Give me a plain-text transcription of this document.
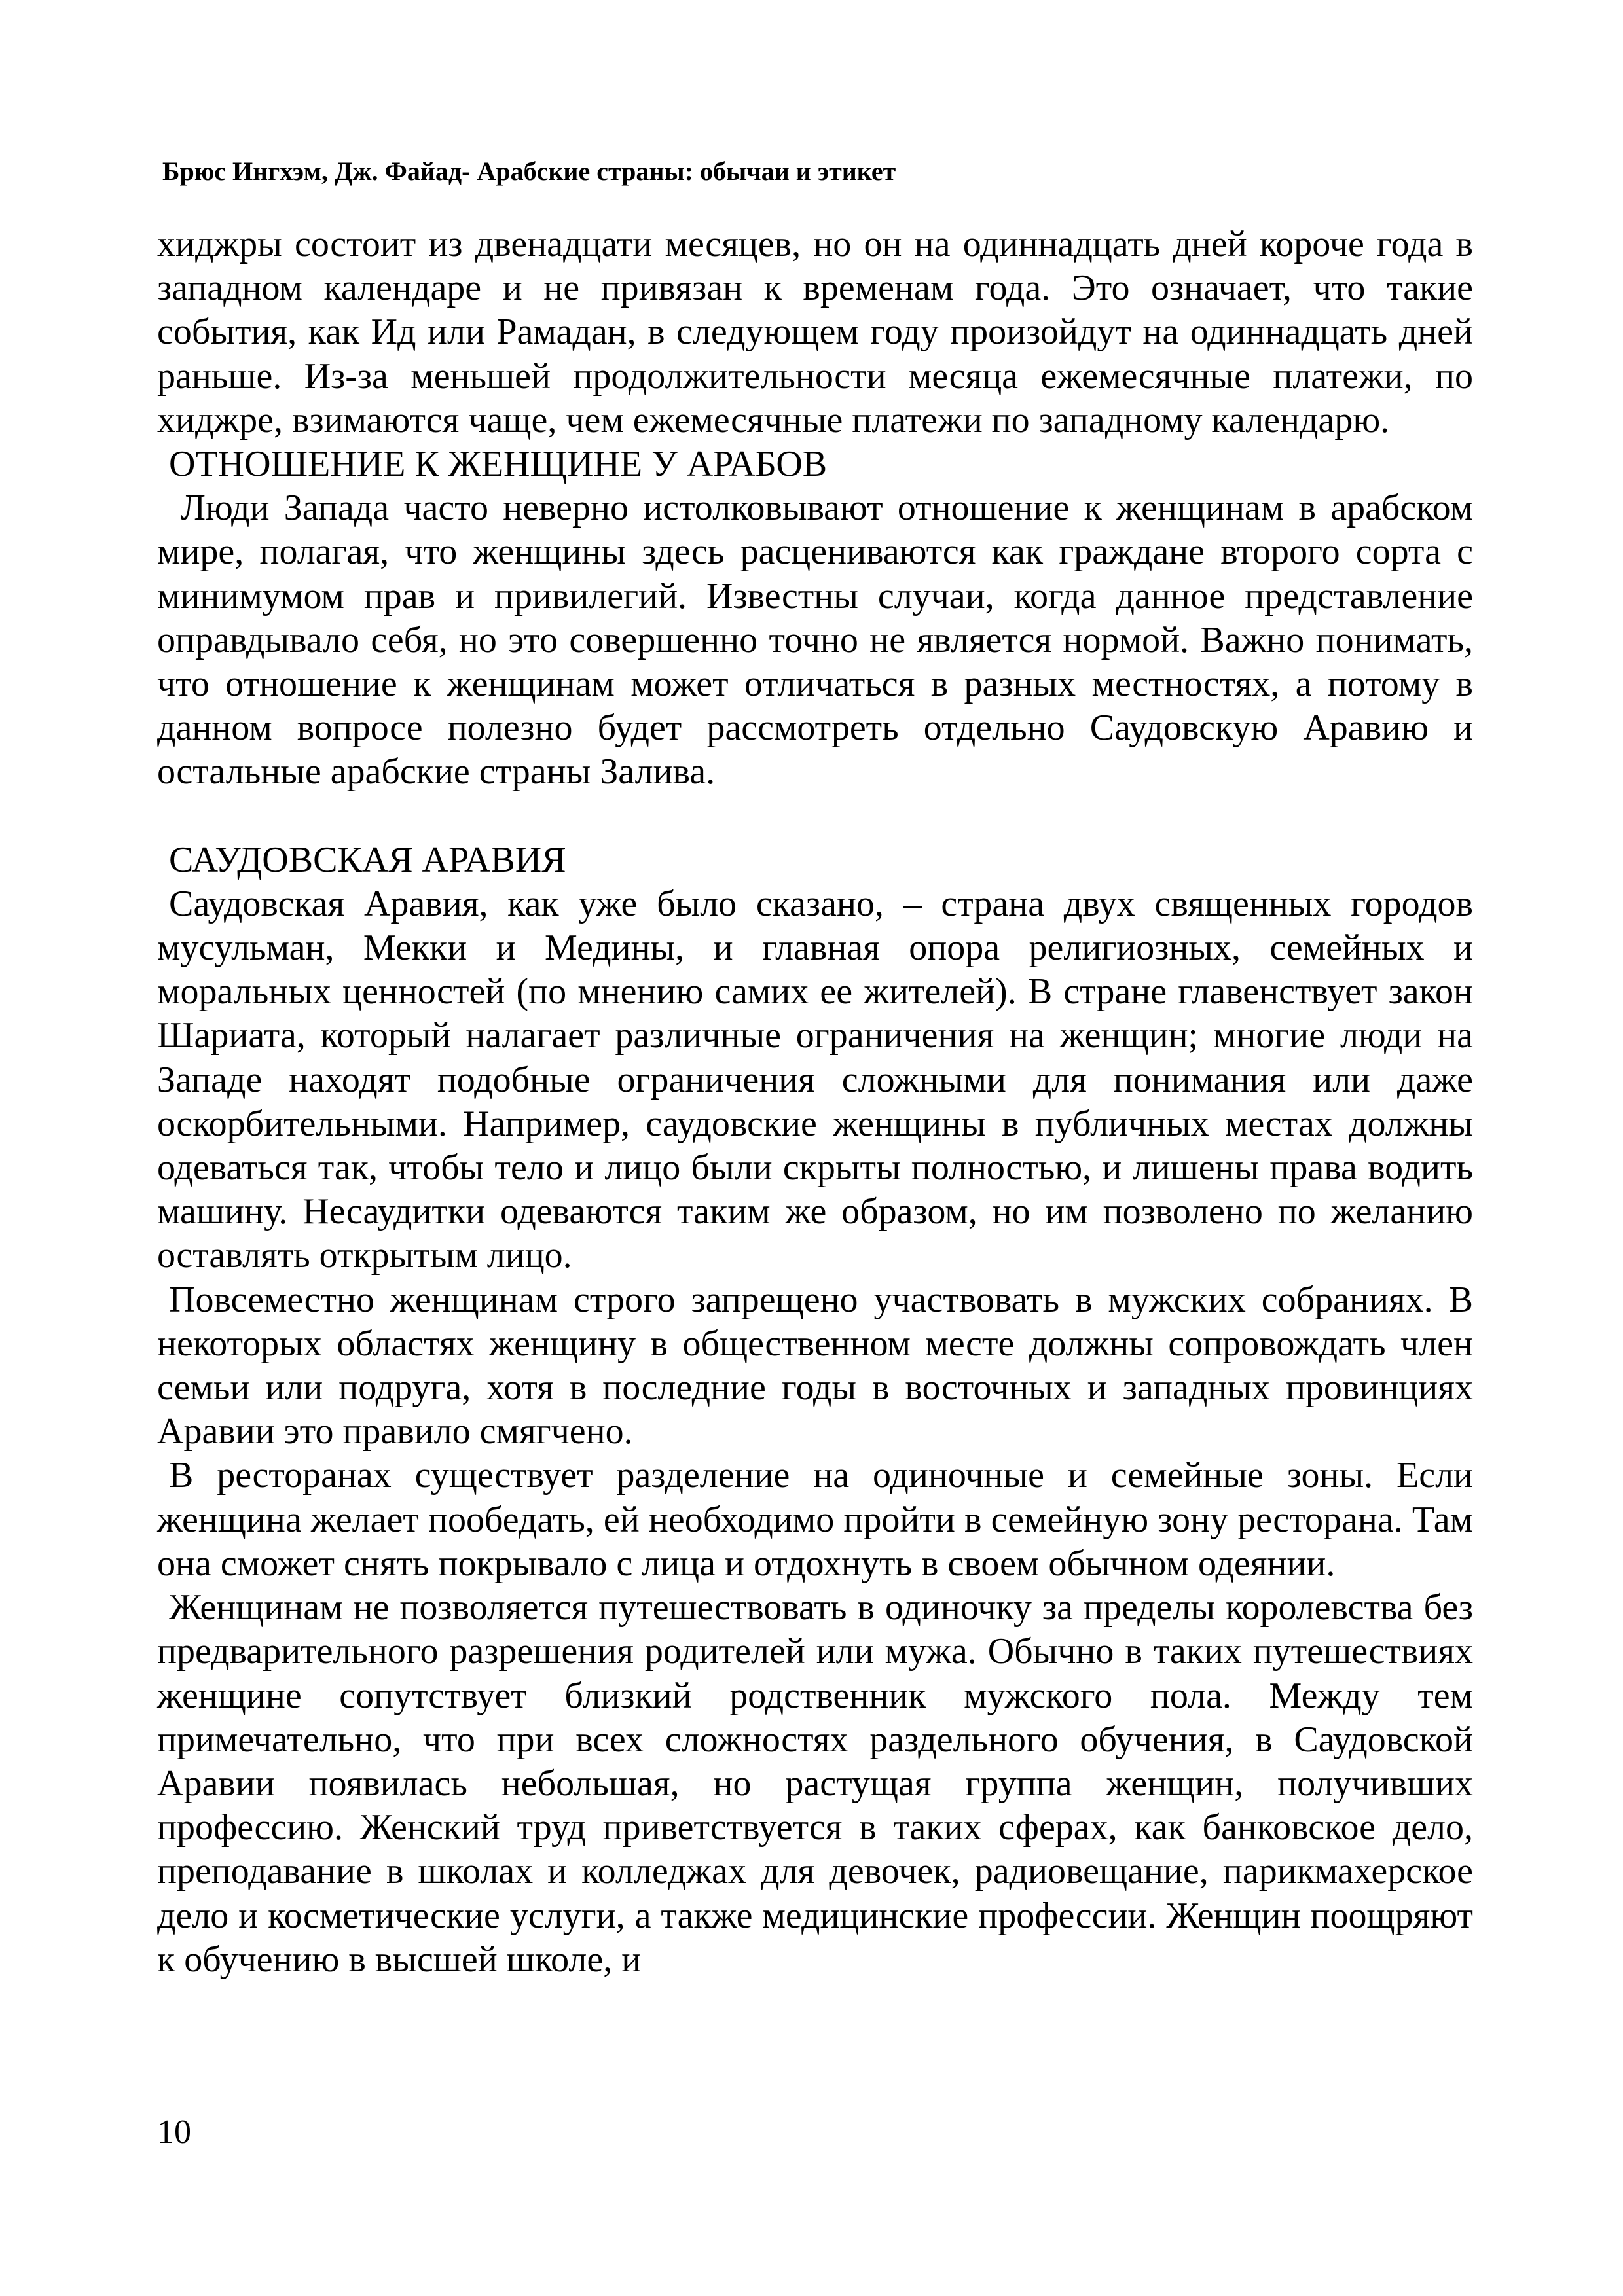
Брюс Ингхэм, Дж. Файад- Арабские страны: обычаи и этикет

хиджры состоит из двенадцати месяцев, но он на одиннадцать дней короче года в западном календаре и не привязан к временам года. Это означает, что такие события, как Ид или Рамадан, в следующем году произойдут на одиннадцать дней раньше. Из-за меньшей продолжительности месяца ежемесячные платежи, по хиджре, взимаются чаще, чем ежемесячные платежи по западному календарю.

ОТНОШЕНИЕ К ЖЕНЩИНЕ У АРАБОВ

Люди Запада часто неверно истолковывают отношение к женщинам в арабском мире, полагая, что женщины здесь расцениваются как граждане второго сорта с минимумом прав и привилегий. Известны случаи, когда данное представление оправдывало себя, но это совершенно точно не является нормой. Важно понимать, что отношение к женщинам может отличаться в разных местностях, а потому в данном вопросе полезно будет рассмотреть отдельно Саудовскую Аравию и остальные арабские страны Залива.

САУДОВСКАЯ АРАВИЯ

Саудовская Аравия, как уже было сказано, – страна двух священных городов мусульман, Мекки и Медины, и главная опора религиозных, семейных и моральных ценностей (по мнению самих ее жителей). В стране главенствует закон Шариата, который налагает различные ограничения на женщин; многие люди на Западе находят подобные ограничения сложными для понимания или даже оскорбительными. Например, саудовские женщины в публичных местах должны одеваться так, чтобы тело и лицо были скрыты полностью, и лишены права водить машину. Несаудитки одеваются таким же образом, но им позволено по желанию оставлять открытым лицо.

Повсеместно женщинам строго запрещено участвовать в мужских собраниях. В некоторых областях женщину в общественном месте должны сопровождать член семьи или подруга, хотя в последние годы в восточных и западных провинциях Аравии это правило смягчено.

В ресторанах существует разделение на одиночные и семейные зоны. Если женщина желает пообедать, ей необходимо пройти в семейную зону ресторана. Там она сможет снять покрывало с лица и отдохнуть в своем обычном одеянии.

Женщинам не позволяется путешествовать в одиночку за пределы королевства без предварительного разрешения родителей или мужа. Обычно в таких путешествиях женщине сопутствует близкий родственник мужского пола. Между тем примечательно, что при всех сложностях раздельного обучения, в Саудовской Аравии появилась небольшая, но растущая группа женщин, получивших профессию. Женский труд приветствуется в таких сферах, как банковское дело, преподавание в школах и колледжах для девочек, радиовещание, парикмахерское дело и косметические услуги, а также медицинские профессии. Женщин поощряют к обучению в высшей школе, и

10
